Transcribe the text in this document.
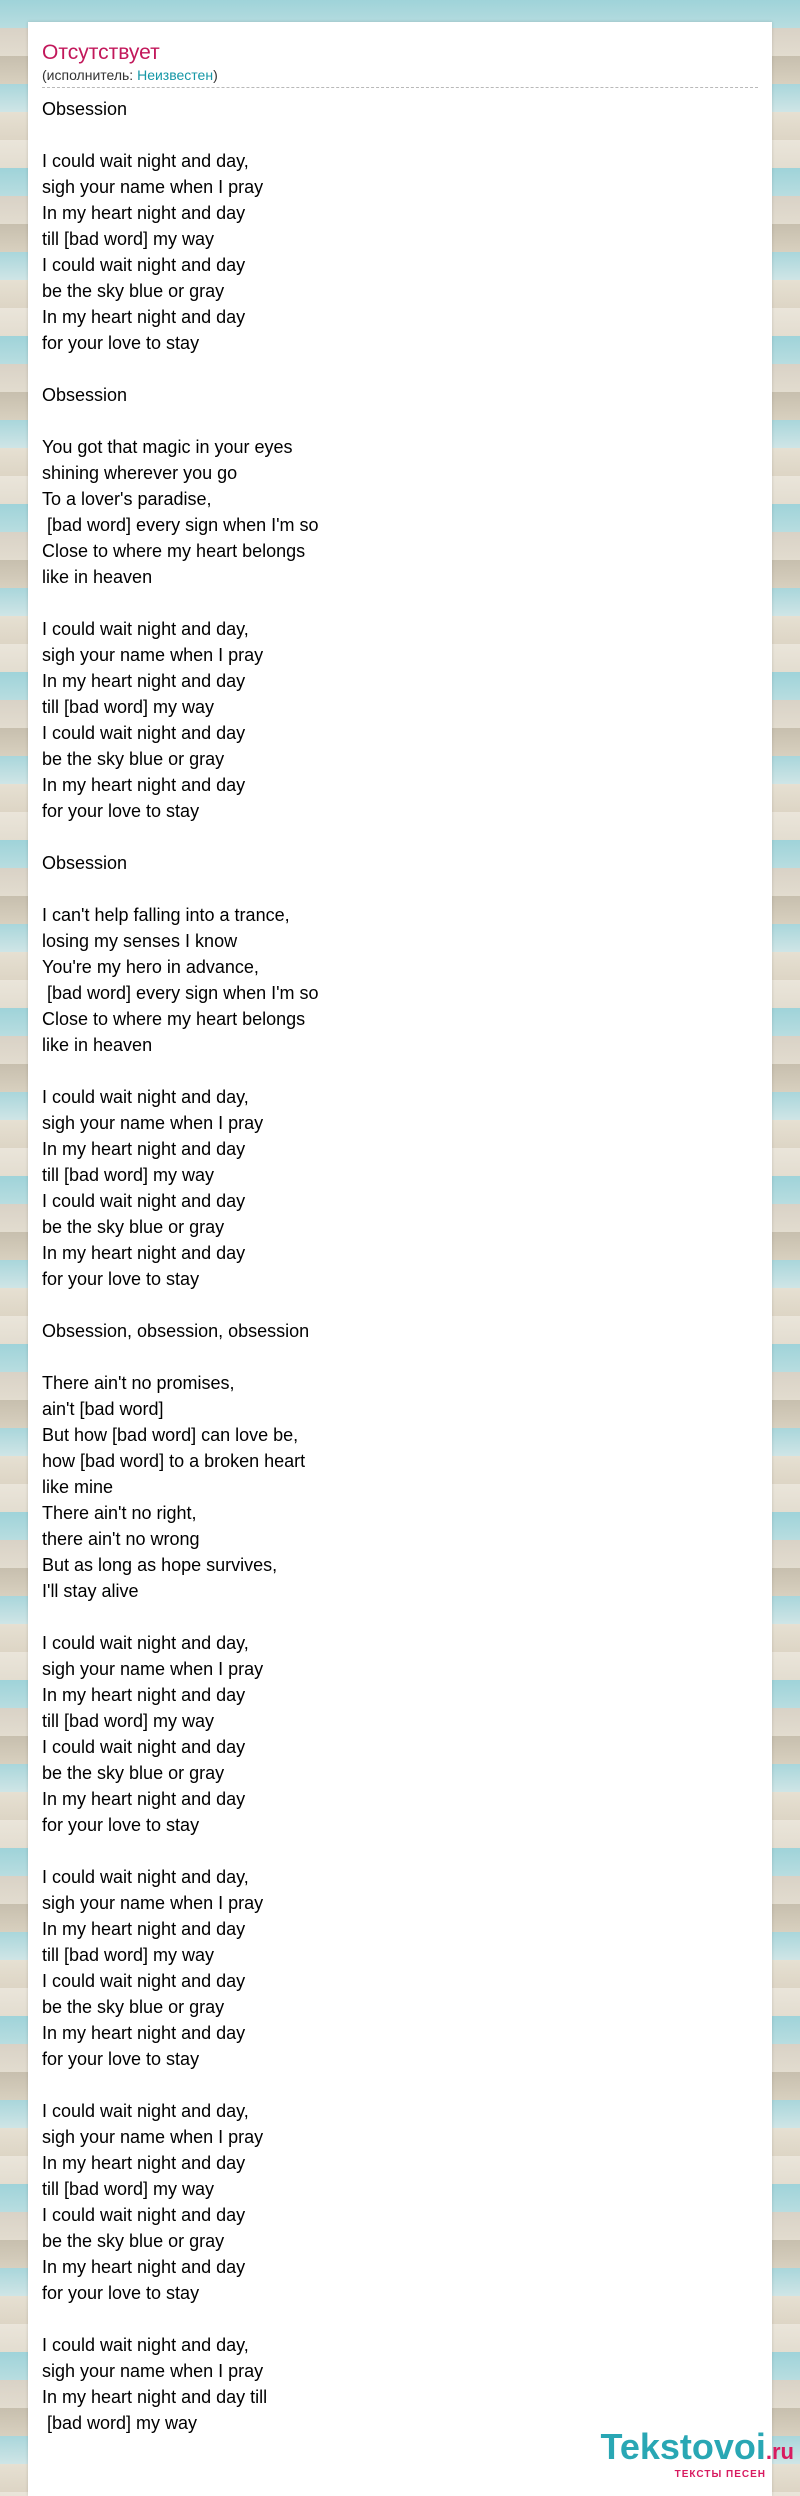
Отсутствует
(исполнитель: Неизвестен)
Obsession
I could wait night and day,
sigh your name when I pray
In my heart night and day
till [bad word] my way
I could wait night and day
be the sky blue or gray
In my heart night and day
for your love to stay
Obsession
You got that magic in your eyes
shining wherever you go
To a lover's paradise,
[bad word] every sign when I'm so
Close to where my heart belongs
like in heaven
I could wait night and day,
sigh your name when I pray
In my heart night and day
till [bad word] my way
I could wait night and day
be the sky blue or gray
In my heart night and day
for your love to stay
Obsession
I can't help falling into a trance,
losing my senses I know
You're my hero in advance,
[bad word] every sign when I'm so
Close to where my heart belongs
like in heaven
I could wait night and day,
sigh your name when I pray
In my heart night and day
till [bad word] my way
I could wait night and day
be the sky blue or gray
In my heart night and day
for your love to stay
Obsession, obsession, obsession
There ain't no promises,
ain't [bad word]
But how [bad word] can love be,
how [bad word] to a broken heart
like mine
There ain't no right,
there ain't no wrong
But as long as hope survives,
I'll stay alive
I could wait night and day,
sigh your name when I pray
In my heart night and day
till [bad word] my way
I could wait night and day
be the sky blue or gray
In my heart night and day
for your love to stay
I could wait night and day,
sigh your name when I pray
In my heart night and day
till [bad word] my way
I could wait night and day
be the sky blue or gray
In my heart night and day
for your love to stay
I could wait night and day,
sigh your name when I pray
In my heart night and day
till [bad word] my way
I could wait night and day
be the sky blue or gray
In my heart night and day
for your love to stay
I could wait night and day,
sigh your name when I pray
In my heart night and day till
[bad word] my way
Tekstovoi.ru
ТЕКСТЫ ПЕСЕН
